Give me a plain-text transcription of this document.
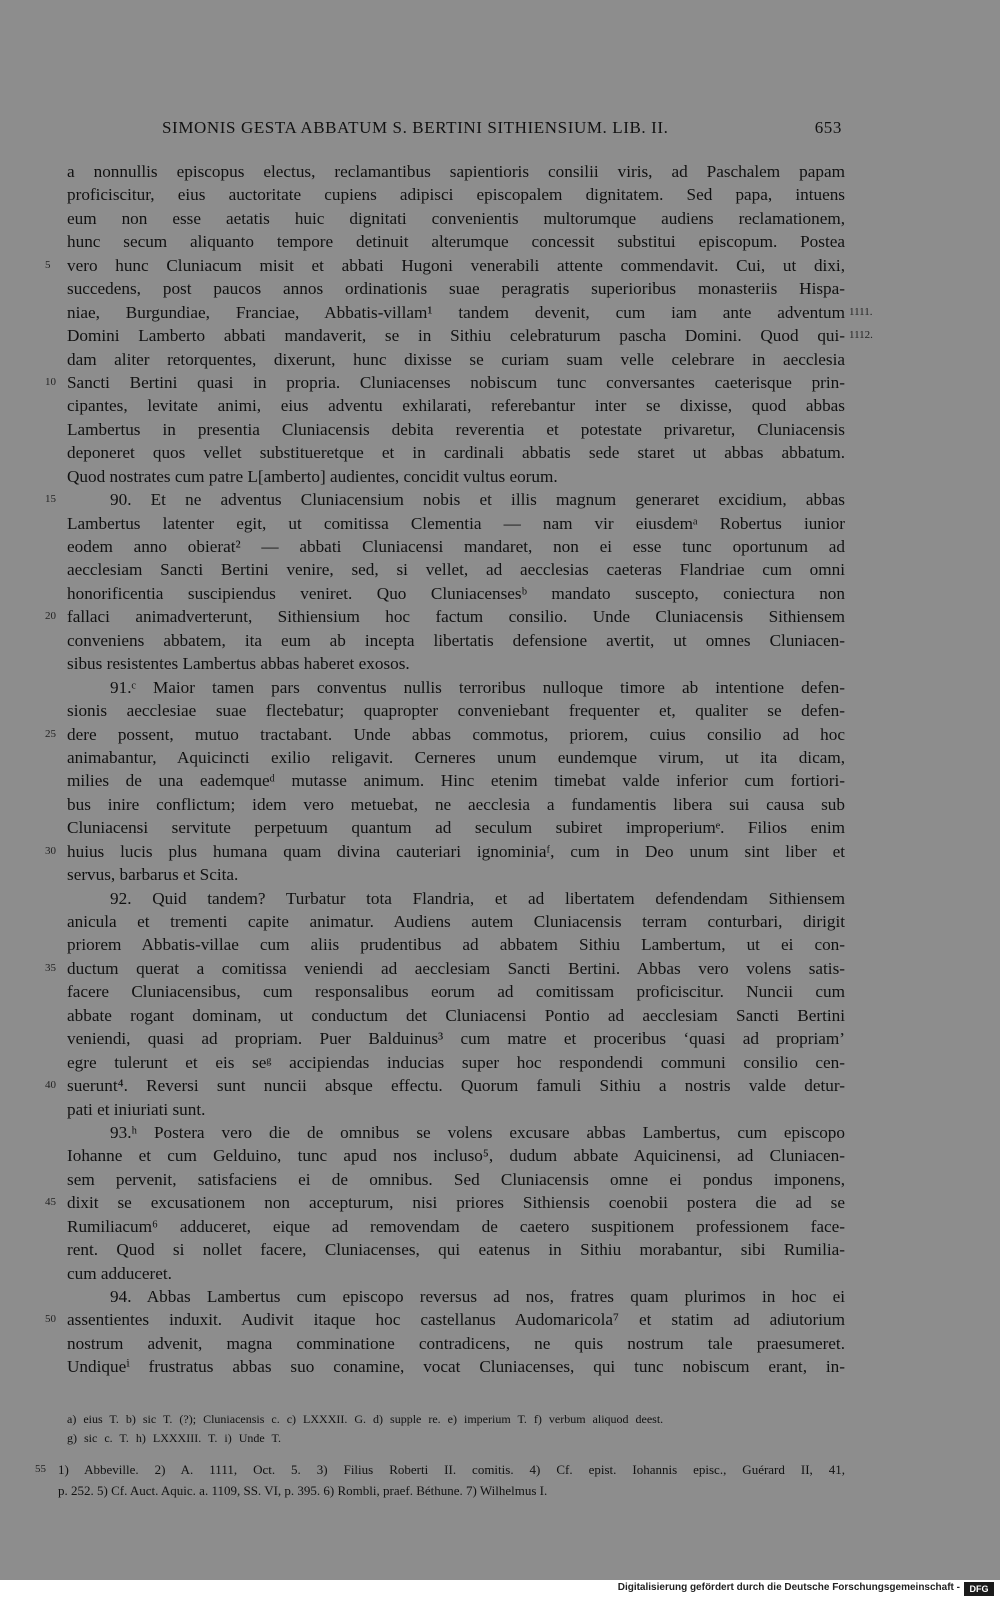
SIMONIS GESTA ABBATUM S. BERTINI SITHIENSIUM. LIB. II.	653
a nonnullis episcopus electus, reclamantibus sapientioris consilii viris, ad Paschalem papam
proficiscitur, eius auctoritate cupiens adipisci episcopalem dignitatem. Sed papa, intuens
eum non esse aetatis huic dignitati convenientis multorumque audiens reclamationem,
hunc secum aliquanto tempore detinuit alterumque concessit substitui episcopum. Postea
5 vero hunc Cluniacum misit et abbati Hugoni venerabili attente commendavit. Cui, ut dixi,
succedens, post paucos annos ordinationis suae peragratis superioribus monasteriis Hispa-
niae, Burgundiae, Franciae, Abbatis-villam¹ tandem devenit, cum iam ante adventum 1111.
Domini Lamberto abbati mandaverit, se in Sithiu celebraturum pascha Domini. Quod qui- 1112.
dam aliter retorquentes, dixerunt, hunc dixisse se curiam suam velle celebrare in aecclesia
10 Sancti Bertini quasi in propria. Cluniacenses nobiscum tunc conversantes caeterisque prin-
cipantes, levitate animi, eius adventu exhilarati, referebantur inter se dixisse, quod abbas
Lambertus in presentia Cluniacensis debita reverentia et potestate privaretur, Cluniacensis
deponeret quos vellet substitueretque et in cardinali abbatis sede staret ut abbas abbatum.
Quod nostrates cum patre L[amberto] audientes, concidit vultus eorum.
15	90. Et ne adventus Cluniacensium nobis et illis magnum generaret excidium, abbas
Lambertus latenter egit, ut comitissa Clementia — nam vir eiusdemᵃ Robertus iunior
eodem anno obierat² — abbati Cluniacensi mandaret, non ei esse tunc oportunum ad
aecclesiam Sancti Bertini venire, sed, si vellet, ad aecclesias caeteras Flandriae cum omni
honorificentia suscipiendus veniret. Quo Cluniacensesᵇ mandato suscepto, coniectura non
20 fallaci animadverterunt, Sithiensium hoc factum consilio. Unde Cluniacensis Sithiensem
conveniens abbatem, ita eum ab incepta libertatis defensione avertit, ut omnes Cluniacen-
sibus resistentes Lambertus abbas haberet exosos.
91.ᶜ Maior tamen pars conventus nullis terroribus nulloque timore ab intentione defen-
sionis aecclesiae suae flectebatur; quapropter conveniebant frequenter et, qualiter se defen-
25 dere possent, mutuo tractabant. Unde abbas commotus, priorem, cuius consilio ad hoc
animabantur, Aquicincti exilio religavit. Cerneres unum eundemque virum, ut ita dicam,
milies de una eademqueᵈ mutasse animum. Hinc etenim timebat valde inferior cum fortiori-
bus inire conflictum; idem vero metuebat, ne aecclesia a fundamentis libera sui causa sub
Cluniacensi servitute perpetuum quantum ad seculum subiret improperiumᵉ. Filios enim
30 huius lucis plus humana quam divina cauteriari ignominiaᶠ, cum in Deo unum sint liber et
servus, barbarus et Scita.
92. Quid tandem? Turbatur tota Flandria, et ad libertatem defendendam Sithiensem
anicula et trementi capite animatur. Audiens autem Cluniacensis terram conturbari, dirigit
priorem Abbatis-villae cum aliis prudentibus ad abbatem Sithiu Lambertum, ut ei con-
35 ductum querat a comitissa veniendi ad aecclesiam Sancti Bertini. Abbas vero volens satis-
facere Cluniacensibus, cum responsalibus eorum ad comitissam proficiscitur. Nuncii cum
abbate rogant dominam, ut conductum det Cluniacensi Pontio ad aecclesiam Sancti Bertini
veniendi, quasi ad propriam. Puer Balduinus³ cum matre et proceribus ‘quasi ad propriam’
egre tulerunt et eis seᵍ accipiendas inducias super hoc respondendi communi consilio cen-
40 suerunt⁴. Reversi sunt nuncii absque effectu. Quorum famuli Sithiu a nostris valde detur-
pati et iniuriati sunt.
93.ʰ Postera vero die de omnibus se volens excusare abbas Lambertus, cum episcopo
Iohanne et cum Gelduino, tunc apud nos incluso⁵, dudum abbate Aquicinensi, ad Cluniacen-
sem pervenit, satisfaciens ei de omnibus. Sed Cluniacensis omne ei pondus imponens,
45 dixit se excusationem non accepturum, nisi priores Sithiensis coenobii postera die ad se
Rumiliacum⁶ adduceret, eique ad removendam de caetero suspitionem professionem face-
rent. Quod si nollet facere, Cluniacenses, qui eatenus in Sithiu morabantur, sibi Rumilia-
cum adduceret.
94. Abbas Lambertus cum episcopo reversus ad nos, fratres quam plurimos in hoc ei
50 assentientes induxit. Audivit itaque hoc castellanus Audomaricola⁷ et statim ad adiutorium
nostrum advenit, magna comminatione contradicens, ne quis nostrum tale praesumeret.
Undiqueⁱ frustratus abbas suo conamine, vocat Cluniacenses, qui tunc nobiscum erant, in-
a) eius T. b) sic T. (?); Cluniacensis c. c) LXXXII. G. d) supple re. e) imperium T. f) verbum aliquod deest.
g) sic c. T. h) LXXXIII. T. i) Unde T.
55 1) Abbeville. 2) A. 1111, Oct. 5. 3) Filius Roberti II. comitis. 4) Cf. epist. Iohannis episc., Guérard II, 41,
p. 252. 5) Cf. Auct. Aquic. a. 1109, SS. VI, p. 395. 6) Rombli, praef. Béthune. 7) Wilhelmus I.
Digitalisierung gefördert durch die Deutsche Forschungsgemeinschaft -	DFG
